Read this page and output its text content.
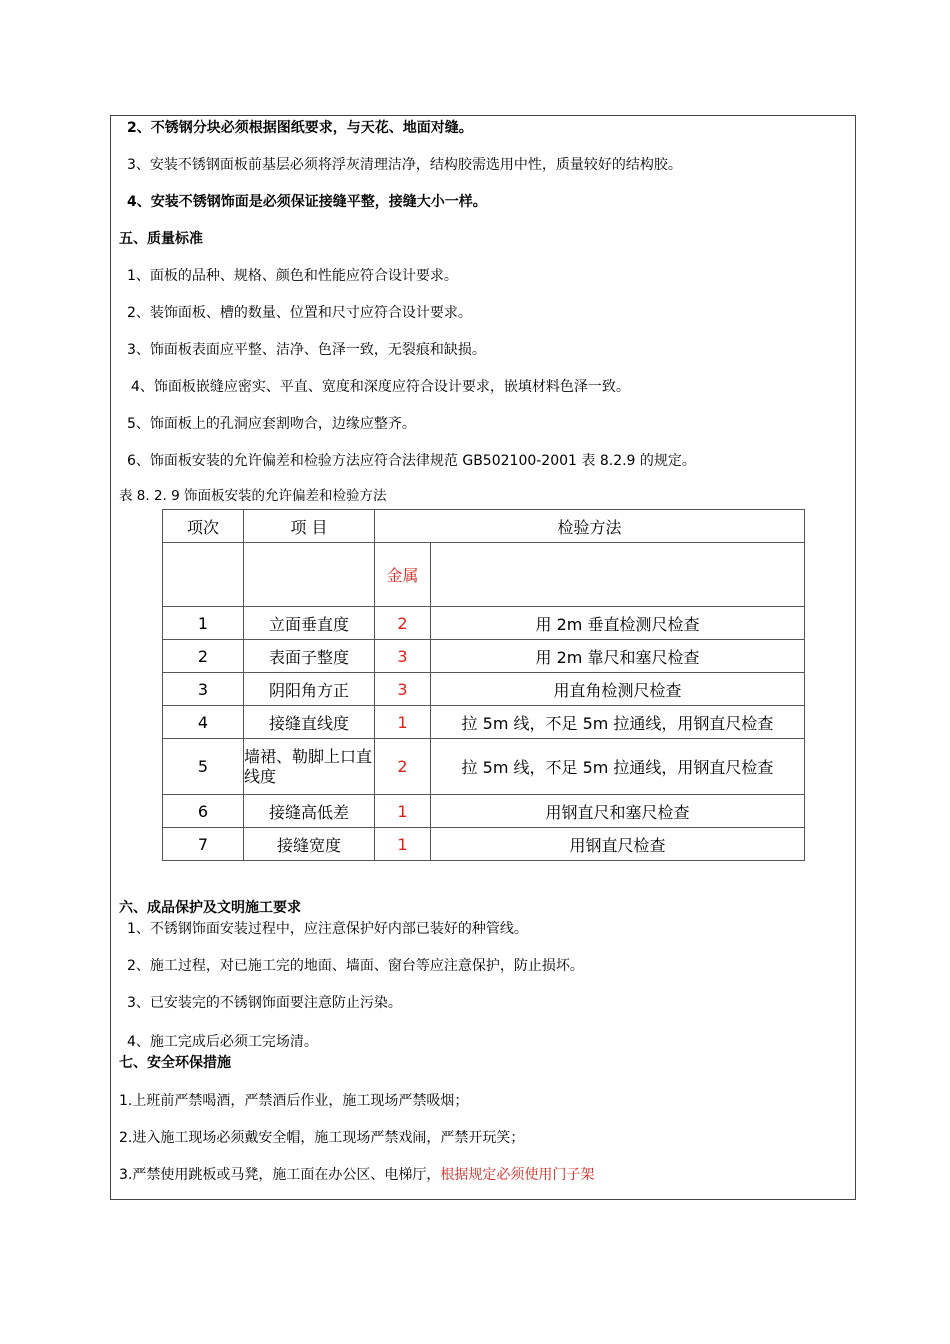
2、不锈钢分块必须根据图纸要求，与天花、地面对缝。
3、安装不锈钢面板前基层必须将浮灰清理洁净，结构胶需选用中性，质量较好的结构胶。
4、安装不锈钢饰面是必须保证接缝平整，接缝大小一样。
五、质量标准
1、面板的品种、规格、颜色和性能应符合设计要求。
2、装饰面板、槽的数量、位置和尺寸应符合设计要求。
3、饰面板表面应平整、洁净、色泽一致，无裂痕和缺损。
4、饰面板嵌缝应密实、平直、宽度和深度应符合设计要求，嵌填材料色泽一致。
5、饰面板上的孔洞应套割吻合，边缘应整齐。
6、饰面板安装的允许偏差和检验方法应符合法律规范 GB502100-2001 表 8.2.9 的规定。
表 8. 2. 9 饰面板安装的允许偏差和检验方法
项次	项 目	检验方法	
		金属	
1	立面垂直度	2	用 2m 垂直检测尺检查
2	表面子整度	3	用 2m 靠尺和塞尺检查
3	阴阳角方正	3	用直角检测尺检查
4	接缝直线度	1	拉 5m 线，不足 5m 拉通线，用钢直尺检查
5	墙裙、勒脚上口直线度	2	拉 5m 线，不足 5m 拉通线，用钢直尺检查
6	接缝高低差	1	用钢直尺和塞尺检查
7	接缝宽度	1	用钢直尺检查
六、成品保护及文明施工要求
1、不锈钢饰面安装过程中，应注意保护好内部已装好的种管线。
2、施工过程，对已施工完的地面、墙面、窗台等应注意保护，防止损坏。
3、已安装完的不锈钢饰面要注意防止污染。
4、施工完成后必须工完场清。
七、安全环保措施
1.上班前严禁喝酒，严禁酒后作业，施工现场严禁吸烟；
2.进入施工现场必须戴安全帽，施工现场严禁戏闹，严禁开玩笑；
3.严禁使用跳板或马凳，施工面在办公区、电梯厅，根据规定必须使用门子架
